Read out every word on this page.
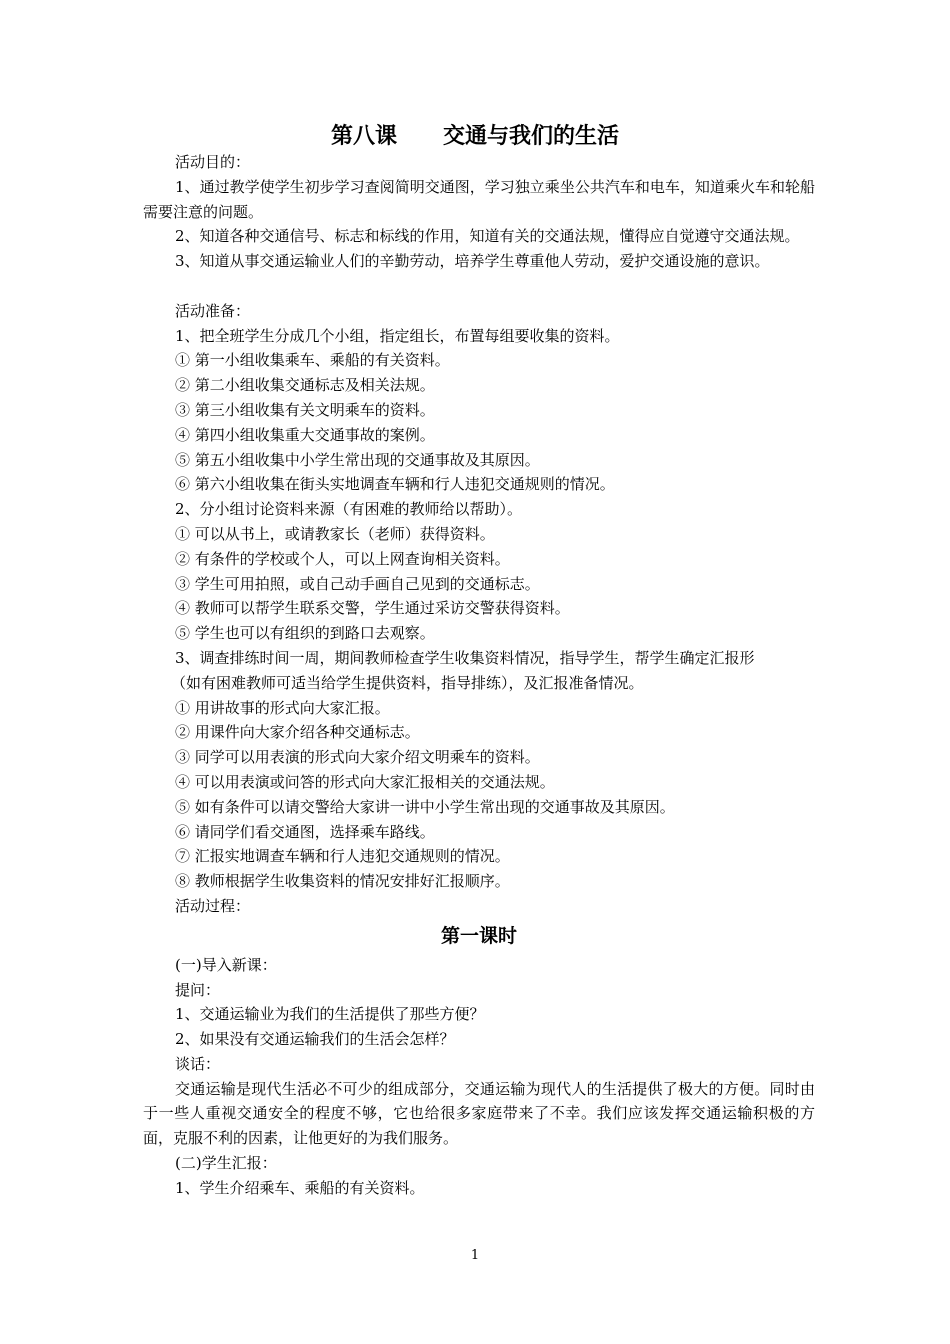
第八课      交通与我们的生活

活动目的：

1、通过教学使学生初步学习查阅简明交通图，学习独立乘坐公共汽车和电车，知道乘火车和轮船需要注意的问题。

2、知道各种交通信号、标志和标线的作用，知道有关的交通法规，懂得应自觉遵守交通法规。

3、知道从事交通运输业人们的辛勤劳动，培养学生尊重他人劳动，爱护交通设施的意识。

活动准备：

1、把全班学生分成几个小组，指定组长，布置每组要收集的资料。

① 第一小组收集乘车、乘船的有关资料。

② 第二小组收集交通标志及相关法规。

③ 第三小组收集有关文明乘车的资料。

④ 第四小组收集重大交通事故的案例。

⑤ 第五小组收集中小学生常出现的交通事故及其原因。

⑥ 第六小组收集在街头实地调查车辆和行人违犯交通规则的情况。

2、分小组讨论资料来源（有困难的教师给以帮助）。

① 可以从书上，或请教家长（老师）获得资料。

② 有条件的学校或个人，可以上网查询相关资料。

③ 学生可用拍照，或自己动手画自己见到的交通标志。

④ 教师可以帮学生联系交警，学生通过采访交警获得资料。

⑤ 学生也可以有组织的到路口去观察。

3、调查排练时间一周，期间教师检查学生收集资料情况，指导学生，帮学生确定汇报形

（如有困难教师可适当给学生提供资料，指导排练），及汇报准备情况。

① 用讲故事的形式向大家汇报。

② 用课件向大家介绍各种交通标志。

③ 同学可以用表演的形式向大家介绍文明乘车的资料。

④ 可以用表演或问答的形式向大家汇报相关的交通法规。

⑤ 如有条件可以请交警给大家讲一讲中小学生常出现的交通事故及其原因。

⑥ 请同学们看交通图，选择乘车路线。

⑦ 汇报实地调查车辆和行人违犯交通规则的情况。

⑧ 教师根据学生收集资料的情况安排好汇报顺序。

活动过程：

第一课时

(一)导入新课：

提问：

1、交通运输业为我们的生活提供了那些方便？

2、如果没有交通运输我们的生活会怎样？

谈话：

交通运输是现代生活必不可少的组成部分，交通运输为现代人的生活提供了极大的方便。同时由于一些人重视交通安全的程度不够，它也给很多家庭带来了不幸。我们应该发挥交通运输积极的方面，克服不利的因素，让他更好的为我们服务。

(二)学生汇报：

1、学生介绍乘车、乘船的有关资料。

1
